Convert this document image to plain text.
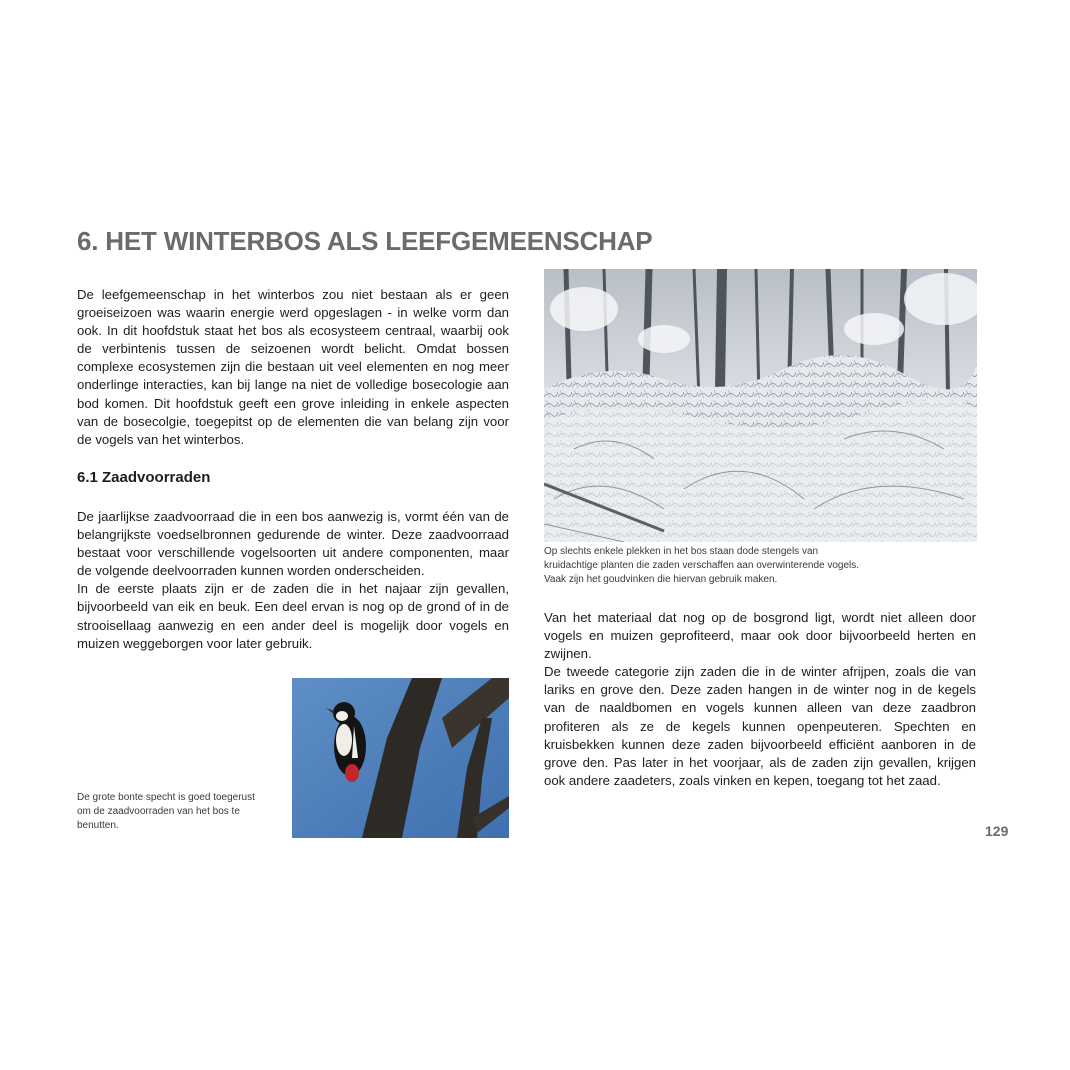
6. HET WINTERBOS ALS LEEFGEMEENSCHAP

De leefgemeenschap in het winterbos zou niet bestaan als er geen groeiseizoen was waarin energie werd opgeslagen - in welke vorm dan ook. In dit hoofdstuk staat het bos als ecosysteem centraal, waarbij ook de verbintenis tussen de seizoenen wordt belicht. Omdat bossen complexe ecosystemen zijn die bestaan uit veel elementen en nog meer onderlinge interacties, kan bij lange na niet de volledige bosecologie aan bod komen. Dit hoofdstuk geeft een grove inleiding in enkele aspecten van de bosecolgie, toegepitst op de elementen die van belang zijn voor de vogels van het winterbos.

6.1 Zaadvoorraden

De jaarlijkse zaadvoorraad die in een bos aanwezig is, vormt één van de belangrijkste voedselbronnen gedurende de winter. Deze zaadvoorraad bestaat voor verschillende vogelsoorten uit andere componenten, maar de volgende deelvoorraden kunnen worden onderscheiden.

In de eerste plaats zijn er de zaden die in het najaar zijn gevallen, bijvoorbeeld van eik en beuk. Een deel ervan is nog op de grond of in de strooisellaag aanwezig en een ander deel is mogelijk door vogels en muizen weggeborgen voor later gebruik.

Op slechts enkele plekken in het bos staan dode stengels van kruidachtige planten die zaden verschaffen aan overwinterende vogels. Vaak zijn het goudvinken die hiervan gebruik maken.

Van het materiaal dat nog op de bosgrond ligt, wordt niet alleen door vogels en muizen geprofiteerd, maar ook door bijvoorbeeld herten en zwijnen.

De tweede categorie zijn zaden die in de winter afrijpen, zoals die van lariks en grove den. Deze zaden hangen in de winter nog in de kegels van de naaldbomen en vogels kunnen alleen van deze zaadbron profiteren als ze de kegels kunnen openpeuteren. Spechten en kruisbekken kunnen deze zaden bijvoorbeeld efficiënt aanboren in de grove den. Pas later in het voorjaar, als de zaden zijn gevallen, krijgen ook andere zaadeters, zoals vinken en kepen, toegang tot het zaad.

De grote bonte specht is goed toegerust om de zaadvoorraden van het bos te benutten.	129
